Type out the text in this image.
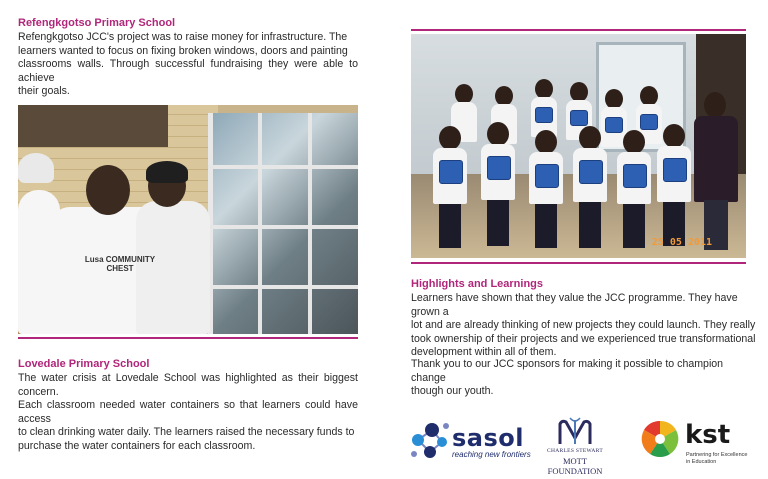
Refengkgotso Primary School
Refengkgotso JCC's project was to raise money for infrastructure. The
learners wanted to focus on fixing broken windows, doors and painting
classrooms walls. Through successful fundraising they were able to achieve
their goals.
Lusa COMMUNITY CHEST
Lovedale Primary School
The water crisis at Lovedale School was highlighted as their biggest concern.
Each classroom needed water containers so that learners could have access
to clean drinking water daily. The learners raised the necessary funds to
purchase the water containers for each classroom.
25 05 2011
Highlights and Learnings
Learners have shown that they value the JCC programme. They have grown a
lot and are already thinking of new projects they could launch. They really
took ownership of their projects and we experienced true transformational
development within all of them.
Thank you to our JCC sponsors for making it possible to champion change
though our youth.
sasol
reaching new frontiers	CHARLES STEWART
MOTT FOUNDATION
kst
Partnering for Excellence
in Education
